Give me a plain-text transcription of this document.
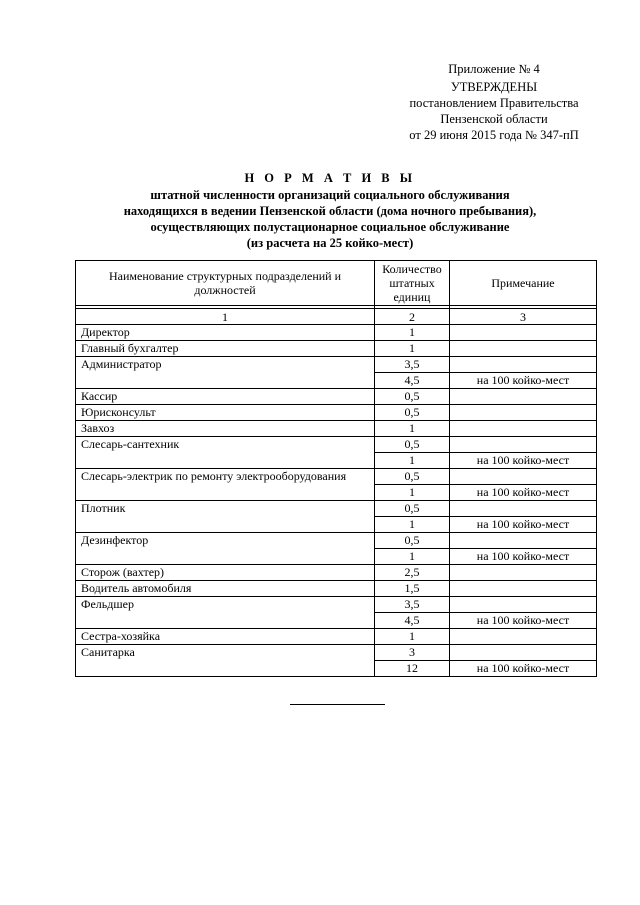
Приложение № 4
УТВЕРЖДЕНЫ
постановлением Правительства
Пензенской области
от 29 июня 2015 года № 347-пП
Н О Р М А Т И В Ы
штатной численности организаций социального обслуживания
находящихся в ведении Пензенской области (дома ночного пребывания),
осуществляющих полустационарное социальное обслуживание
(из расчета на 25 койко-мест)
Наименование структурных подразделений и должностей	Количество штатных единиц	Примечание

1	2	3
Директор	1	
Главный бухгалтер	1	
Администратор	3,5	
	4,5	на 100 койко-мест
Кассир	0,5	
Юрисконсульт	0,5	
Завхоз	1	
Слесарь-сантехник	0,5	
	1	на 100 койко-мест
Слесарь-электрик по ремонту электрооборудования	0,5	
	1	на 100 койко-мест
Плотник	0,5	
	1	на 100 койко-мест
Дезинфектор	0,5	
	1	на 100 койко-мест
Сторож (вахтер)	2,5	
Водитель автомобиля	1,5	
Фельдшер	3,5	
	4,5	на 100 койко-мест
Сестра-хозяйка	1	
Санитарка	3	
	12	на 100 койко-мест
